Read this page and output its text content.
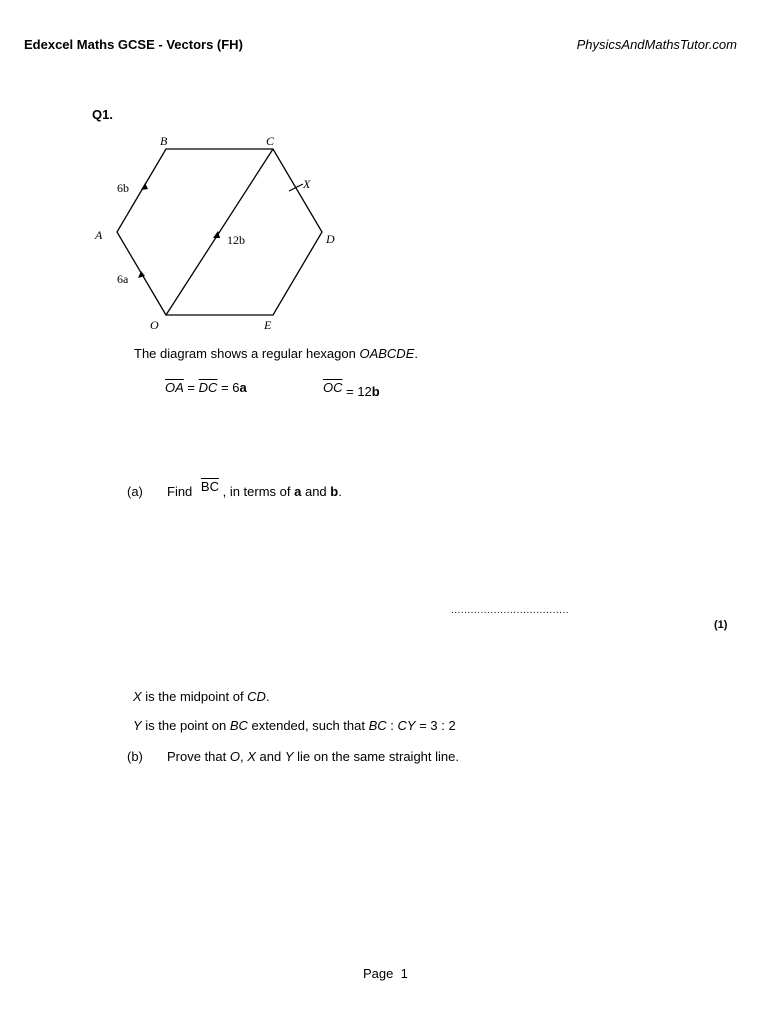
Edexcel Maths GCSE - Vectors (FH)	PhysicsAndMathsTutor.com
Q1.
B	C
X
A	D
O	E
6b
12b
6a
The diagram shows a regular hexagon OABCDE.
$\overline{OA} = \overline{DC} = 6a$	$\overline{OC} = 12b$
(a) Find $\overline{BC}$ , in terms of a and b.
....................................
(1)
X is the midpoint of CD.
Y is the point on BC extended, such that BC : CY = 3 : 2
(b) Prove that O, X and Y lie on the same straight line.
Page 1
